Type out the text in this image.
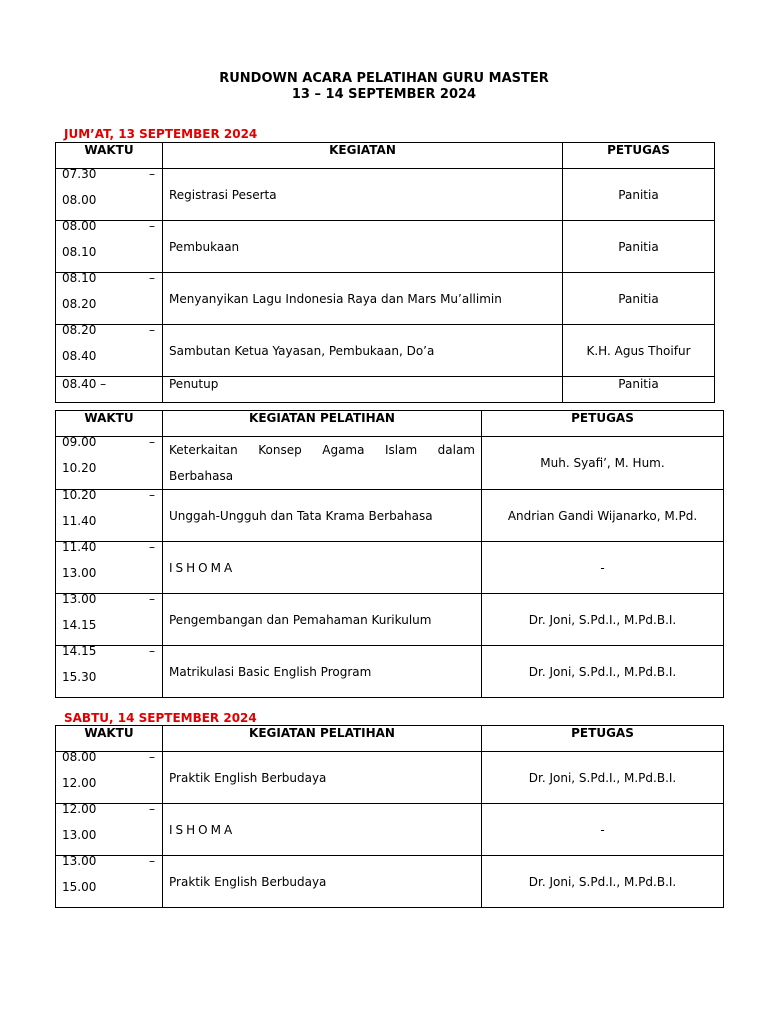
RUNDOWN ACARA PELATIHAN GURU MASTER
13 – 14 SEPTEMBER 2024
JUM’AT, 13 SEPTEMBER 2024
WAKTU	KEGIATAN	PETUGAS

07.30 –
08.00	Registrasi Peserta	Panitia

08.00 –
08.10	Pembukaan	Panitia

08.10 –
08.20	Menyanyikan Lagu Indonesia Raya dan Mars Mu’allimin	Panitia

08.20 –
08.40	Sambutan Ketua Yayasan, Pembukaan, Do’a	K.H. Agus Thoifur
08.40 –	Penutup	Panitia
WAKTU	KEGIATAN PELATIHAN	PETUGAS

09.00 –
10.20	Keterkaitan Konsep Agama Islam dalam Berbahasa	Muh. Syafi’, M. Hum.

10.20 –
11.40	Unggah-Ungguh dan Tata Krama Berbahasa	Andrian Gandi Wijanarko, M.Pd.

11.40 –
13.00	ISHOMA	-

13.00 –
14.15	Pengembangan dan Pemahaman Kurikulum	Dr. Joni, S.Pd.I., M.Pd.B.I.

14.15 –
15.30	Matrikulasi Basic English Program	Dr. Joni, S.Pd.I., M.Pd.B.I.
SABTU, 14 SEPTEMBER 2024
WAKTU	KEGIATAN PELATIHAN	PETUGAS

08.00 –
12.00	Praktik English Berbudaya	Dr. Joni, S.Pd.I., M.Pd.B.I.

12.00 –
13.00	ISHOMA	-

13.00 –
15.00	Praktik English Berbudaya	Dr. Joni, S.Pd.I., M.Pd.B.I.
